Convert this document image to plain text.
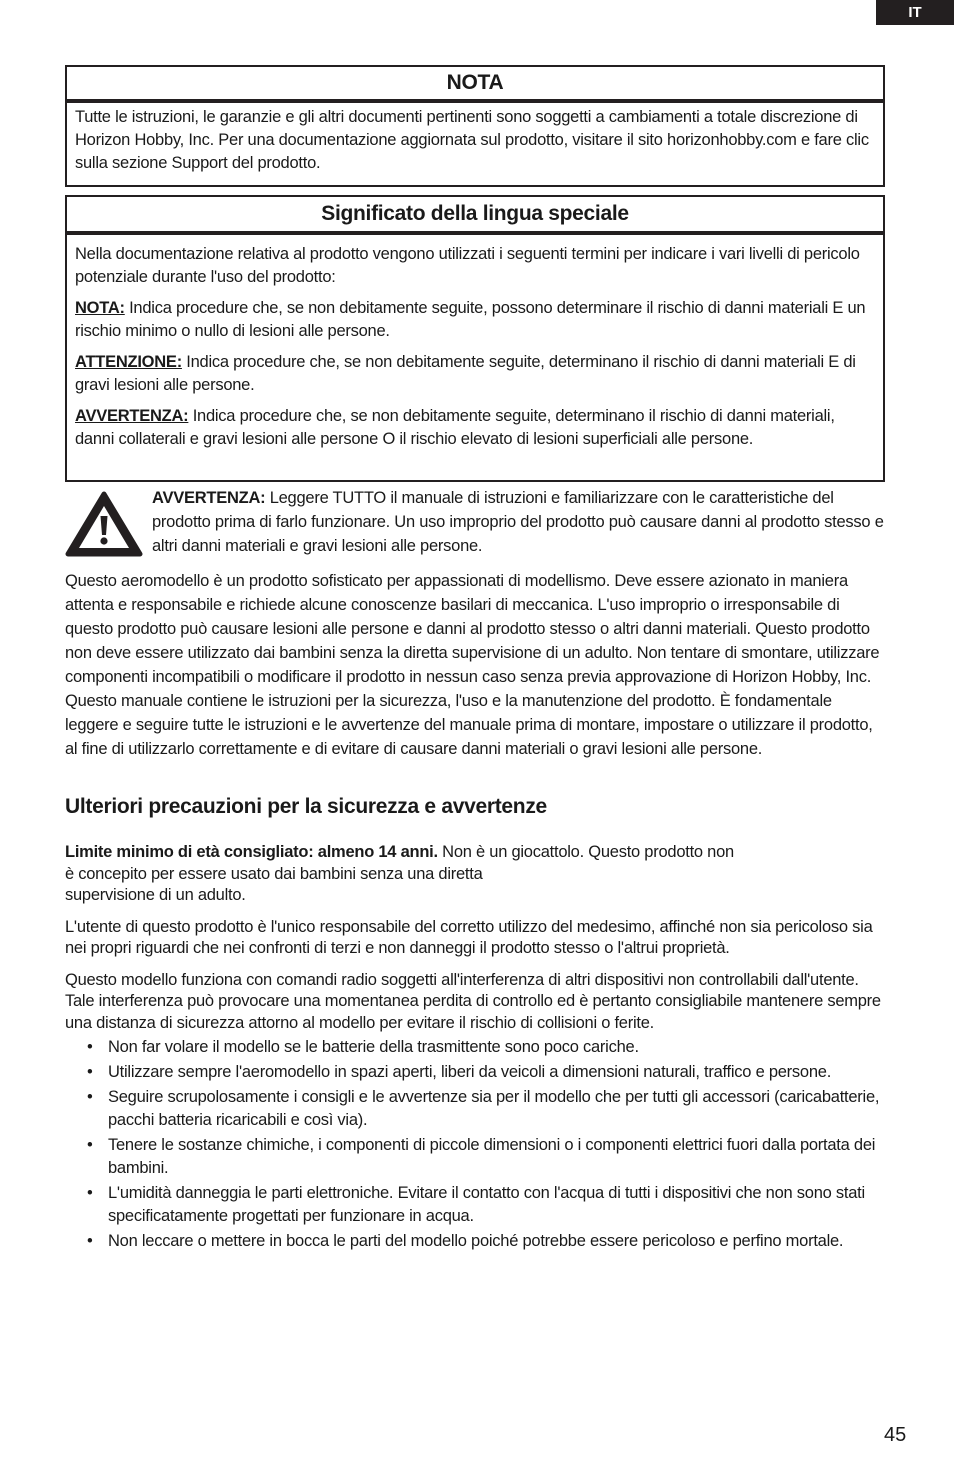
IT
NOTA

Tutte le istruzioni, le garanzie e gli altri documenti pertinenti sono soggetti a cambiamenti a totale discrezione di Horizon Hobby, Inc. Per una documentazione aggiornata sul prodotto, visitare il sito horizonhobby.com e fare clic sulla sezione Support del prodotto.

Significato della lingua speciale

Nella documentazione relativa al prodotto vengono utilizzati i seguenti termini per indicare i vari livelli di pericolo potenziale durante l'uso del prodotto:

NOTA: Indica procedure che, se non debitamente seguite, possono determinare il rischio di danni materiali E un rischio minimo o nullo di lesioni alle persone.

ATTENZIONE: Indica procedure che, se non debitamente seguite, determinano il rischio di danni materiali E di gravi lesioni alle persone.

AVVERTENZA: Indica procedure che, se non debitamente seguite, determinano il rischio di danni materiali, danni collaterali e gravi lesioni alle persone O il rischio elevato di lesioni superficiali alle persone.

AVVERTENZA: Leggere TUTTO il manuale di istruzioni e familiarizzare con le caratteristiche del prodotto prima di farlo funzionare. Un uso improprio del prodotto può causare danni al prodotto stesso e altri danni materiali e gravi lesioni alle persone.

Questo aeromodello è un prodotto sofisticato per appassionati di modellismo. Deve essere azionato in maniera attenta e responsabile e richiede alcune conoscenze basilari di meccanica. L'uso improprio o irresponsabile di questo prodotto può causare lesioni alle persone e danni al prodotto stesso o altri danni materiali. Questo prodotto non deve essere utilizzato dai bambini senza la diretta supervisione di un adulto. Non tentare di smontare, utilizzare componenti incompatibili o modificare il prodotto in nessun caso senza previa approvazione di Horizon Hobby, Inc. Questo manuale contiene le istruzioni per la sicurezza, l'uso e la manutenzione del prodotto. È fondamentale leggere e seguire tutte le istruzioni e le avvertenze del manuale prima di montare, impostare o utilizzare il prodotto, al fine di utilizzarlo correttamente e di evitare di causare danni materiali o gravi lesioni alle persone.

Ulteriori precauzioni per la sicurezza e avvertenze

Limite minimo di età consigliato: almeno 14 anni. Non è un giocattolo. Questo prodotto non
è concepito per essere usato dai bambini senza una diretta
supervisione di un adulto.

L'utente di questo prodotto è l'unico responsabile del corretto utilizzo del medesimo, affinché non sia pericoloso sia nei propri riguardi che nei confronti di terzi e non danneggi il prodotto stesso o l'altrui proprietà.

Questo modello funziona con comandi radio soggetti all'interferenza di altri dispositivi non controllabili dall'utente. Tale interferenza può provocare una momentanea perdita di controllo ed è pertanto consigliabile mantenere sempre una distanza di sicurezza attorno al modello per evitare il rischio di collisioni o ferite.

• Non far volare il modello se le batterie della trasmittente sono poco cariche.
• Utilizzare sempre l'aeromodello in spazi aperti, liberi da veicoli a dimensioni naturali, traffico e persone.
• Seguire scrupolosamente i consigli e le avvertenze sia per il modello che per tutti gli accessori (caricabatterie, pacchi batteria ricaricabili e così via).
• Tenere le sostanze chimiche, i componenti di piccole dimensioni o i componenti elettrici fuori dalla portata dei bambini.
• L'umidità danneggia le parti elettroniche. Evitare il contatto con l'acqua di tutti i dispositivi che non sono stati specificatamente progettati per funzionare in acqua.
• Non leccare o mettere in bocca le parti del modello poiché potrebbe essere pericoloso e perfino mortale.
45
